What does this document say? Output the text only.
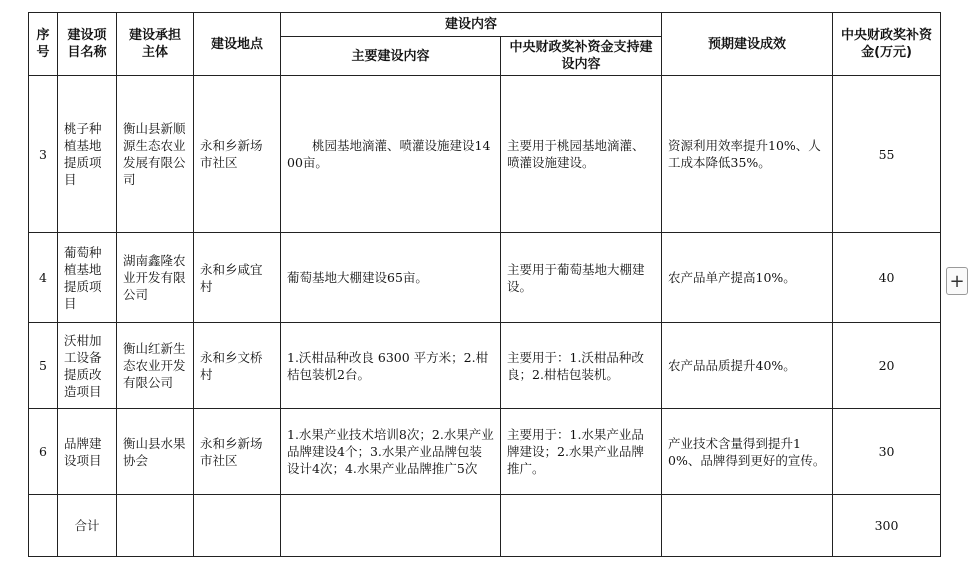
序号	建设项目名称	建设承担主体	建设地点	建设内容		预期建设成效	中央财政奖补资金(万元)
				主要建设内容	中央财政奖补资金支持建设内容		
3	桃子种植基地提质项目	衡山县新顺源生态农业发展有限公司	永和乡新场市社区	桃园基地滴灌、喷灌设施建设1400亩。	主要用于桃园基地滴灌、喷灌设施建设。	资源利用效率提升10%、人工成本降低35%。	55
4	葡萄种植基地提质项目	湖南鑫隆农业开发有限公司	永和乡咸宜村	葡萄基地大棚建设65亩。	主要用于葡萄基地大棚建设。	农产品单产提高10%。	40
5	沃柑加工设备提质改造项目	衡山红新生态农业开发有限公司	永和乡文桥村	1.沃柑品种改良 6300 平方米；2.柑桔包装机2台。	主要用于：1.沃柑品种改良；2.柑桔包装机。	农产品品质提升40%。	20
6	品牌建设项目	衡山县水果协会	永和乡新场市社区	1.水果产业技术培训8次；2.水果产业品牌建设4个；3.水果产业品牌包装设计4次；4.水果产业品牌推广5次	主要用于：1.水果产业品牌建设；2.水果产业品牌推广。	产业技术含量得到提升10%、品牌得到更好的宣传。	30
	合计						300
+
